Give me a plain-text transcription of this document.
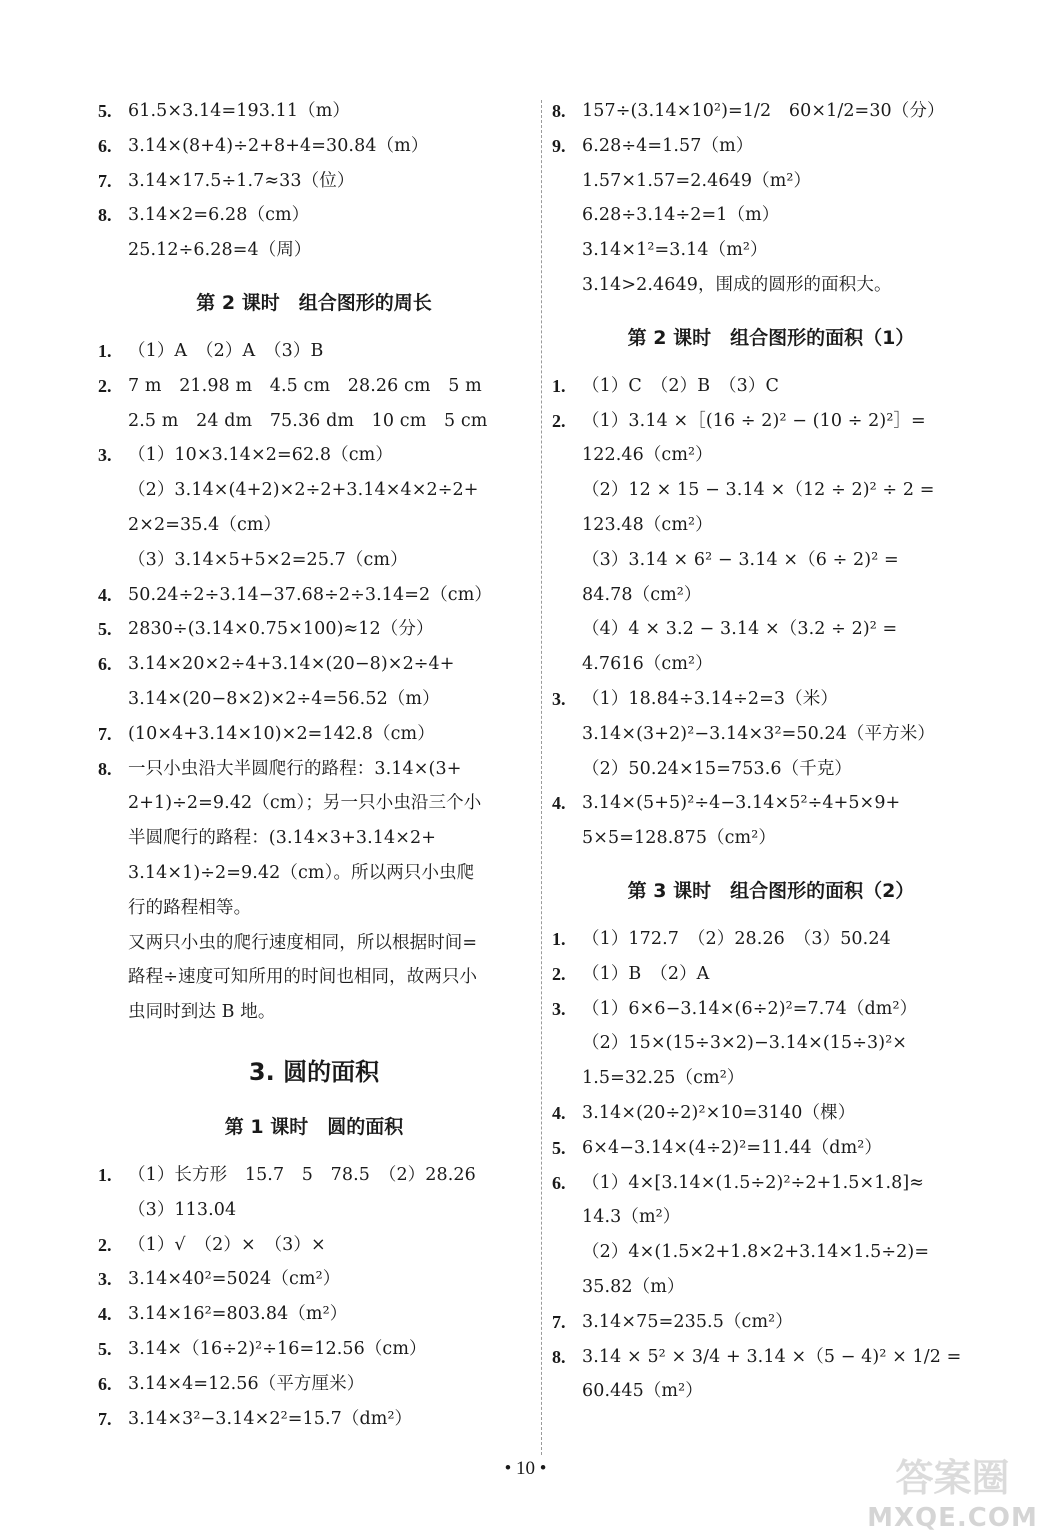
5. 61.5×3.14=193.11（m）
6. 3.14×(8+4)÷2+8+4=30.84（m）
7. 3.14×17.5÷1.7≈33（位）
8. 3.14×2=6.28（cm）
25.12÷6.28=4（周）
第 2 课时　组合图形的周长
1. （1）A　（2）A　（3）B
2. 7 m　21.98 m　4.5 cm　28.26 cm　5 m
2.5 m　24 dm　75.36 dm　10 cm　5 cm
3. （1）10×3.14×2=62.8（cm）
（2）3.14×(4+2)×2÷2+3.14×4×2÷2+
2×2=35.4（cm）
（3）3.14×5+5×2=25.7（cm）
4. 50.24÷2÷3.14−37.68÷2÷3.14=2（cm）
5. 2830÷(3.14×0.75×100)≈12（分）
6. 3.14×20×2÷4+3.14×(20−8)×2÷4+
3.14×(20−8×2)×2÷4=56.52（m）
7. (10×4+3.14×10)×2=142.8（cm）
8. 一只小虫沿大半圆爬行的路程：3.14×(3+
2+1)÷2=9.42（cm）；另一只小虫沿三个小
半圆爬行的路程：(3.14×3+3.14×2+
3.14×1)÷2=9.42（cm）。所以两只小虫爬
行的路程相等。
又两只小虫的爬行速度相同，所以根据时间=
路程÷速度可知所用的时间也相同，故两只小
虫同时到达 B 地。
3. 圆的面积
第 1 课时　圆的面积
1. （1）长方形　15.7　5　78.5　（2）28.26
（3）113.04
2. （1）√　（2）×　（3）×
3. 3.14×40²=5024（cm²）
4. 3.14×16²=803.84（m²）
5. 3.14×（16÷2)²÷16=12.56（cm）
6. 3.14×4=12.56（平方厘米）
7. 3.14×3²−3.14×2²=15.7（dm²）
8. 157÷(3.14×10²)=1/2　60×1/2=30（分）
9. 6.28÷4=1.57（m）
1.57×1.57=2.4649（m²）
6.28÷3.14÷2=1（m）
3.14×1²=3.14（m²）
3.14>2.4649，围成的圆形的面积大。
第 2 课时　组合图形的面积（1）
1. （1）C　（2）B　（3）C
2. （1）3.14 ×［(16 ÷ 2)² − (10 ÷ 2)²］=
122.46（cm²）
（2）12 × 15 − 3.14 ×（12 ÷ 2)² ÷ 2 =
123.48（cm²）
（3）3.14 × 6² − 3.14 ×（6 ÷ 2)² =
84.78（cm²）
（4）4 × 3.2 − 3.14 ×（3.2 ÷ 2)² =
4.7616（cm²）
3. （1）18.84÷3.14÷2=3（米）
3.14×(3+2)²−3.14×3²=50.24（平方米）
（2）50.24×15=753.6（千克）
4. 3.14×(5+5)²÷4−3.14×5²÷4+5×9+
5×5=128.875（cm²）
第 3 课时　组合图形的面积（2）
1. （1）172.7　（2）28.26　（3）50.24
2. （1）B　（2）A
3. （1）6×6−3.14×(6÷2)²=7.74（dm²）
（2）15×(15÷3×2)−3.14×(15÷3)²×
1.5=32.25（cm²）
4. 3.14×(20÷2)²×10=3140（棵）
5. 6×4−3.14×(4÷2)²=11.44（dm²）
6. （1）4×[3.14×(1.5÷2)²÷2+1.5×1.8]≈
14.3（m²）
（2）4×(1.5×2+1.8×2+3.14×1.5÷2)=
35.82（m）
7. 3.14×75=235.5（cm²）
8. 3.14 × 5² × 3/4 + 3.14 ×（5 − 4)² × 1/2 =
60.445（m²）
• 10 •	答案圈
MXQE.COM
